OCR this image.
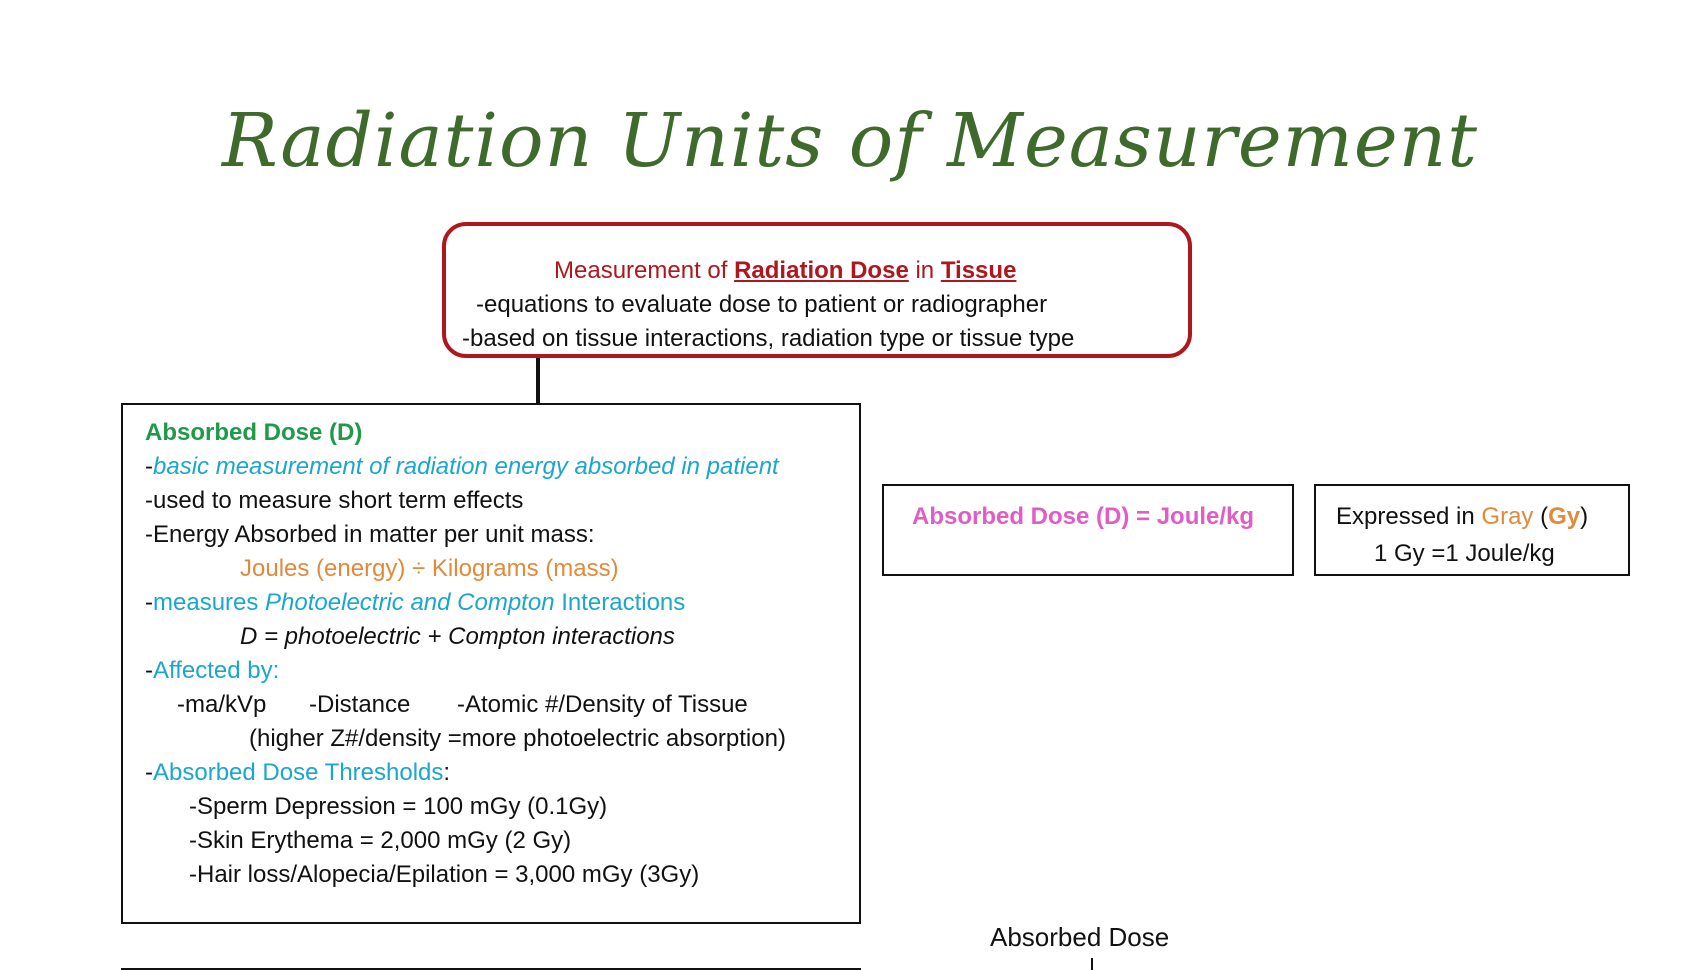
Radiation Units of Measurement
Measurement of Radiation Dose in Tissue
-equations to evaluate dose to patient or radiographer
-based on tissue interactions, radiation type or tissue type
Absorbed Dose (D)
-basic measurement of radiation energy absorbed in patient
-used to measure short term effects
-Energy Absorbed in matter per unit mass:
Joules (energy) ÷ Kilograms (mass)
-measures Photoelectric and Compton Interactions
D = photoelectric + Compton interactions
-Affected by:
-ma/kVp -Distance -Atomic #/Density of Tissue
(higher Z#/density =more photoelectric absorption)
-Absorbed Dose Thresholds:
-Sperm Depression = 100 mGy (0.1Gy)
-Skin Erythema = 2,000 mGy (2 Gy)
-Hair loss/Alopecia/Epilation = 3,000 mGy (3Gy)
Absorbed Dose (D) = Joule/kg	Expressed in Gray (Gy)
1 Gy =1 Joule/kg
Absorbed Dose
